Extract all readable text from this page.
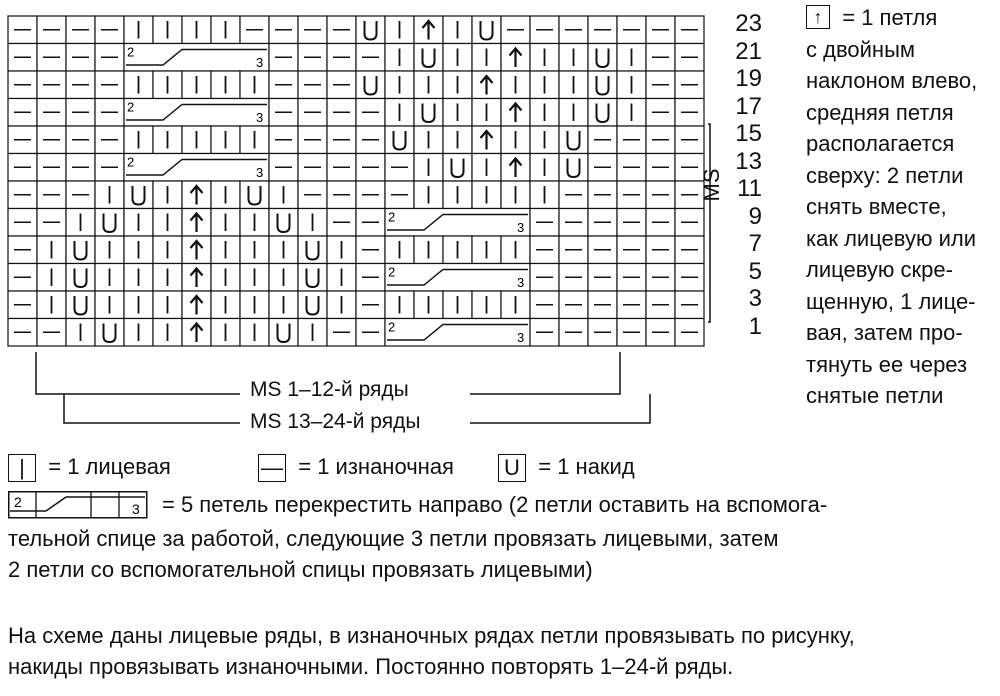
2
3
2
3
2
3
2
3
2
3
2
3
23
21
19
17
15
13
11
9
7
5
3
1
MS 1–12-й ряды
MS 13–24-й ряды
MS
↑ = 1 петля
с двойным
наклоном влево,
средняя петля
располагается
сверху: 2 петли
снять вместе,
как лицевую или
лицевую скре-
щенную, 1 лице-
вая, затем про-
тянуть ее через
снятые петли
| = 1 лицевая	— = 1 изнаночная U = 1 накид
2	3 = 5 петель перекрестить направо (2 петли оставить на вспомога-
тельной спице за работой, следующие 3 петли провязать лицевыми, затем
2 петли со вспомогательной спицы провязать лицевыми)
На схеме даны лицевые ряды, в изнаночных рядах петли провязывать по рисунку,
накиды провязывать изнаночными. Постоянно повторять 1–24-й ряды.
